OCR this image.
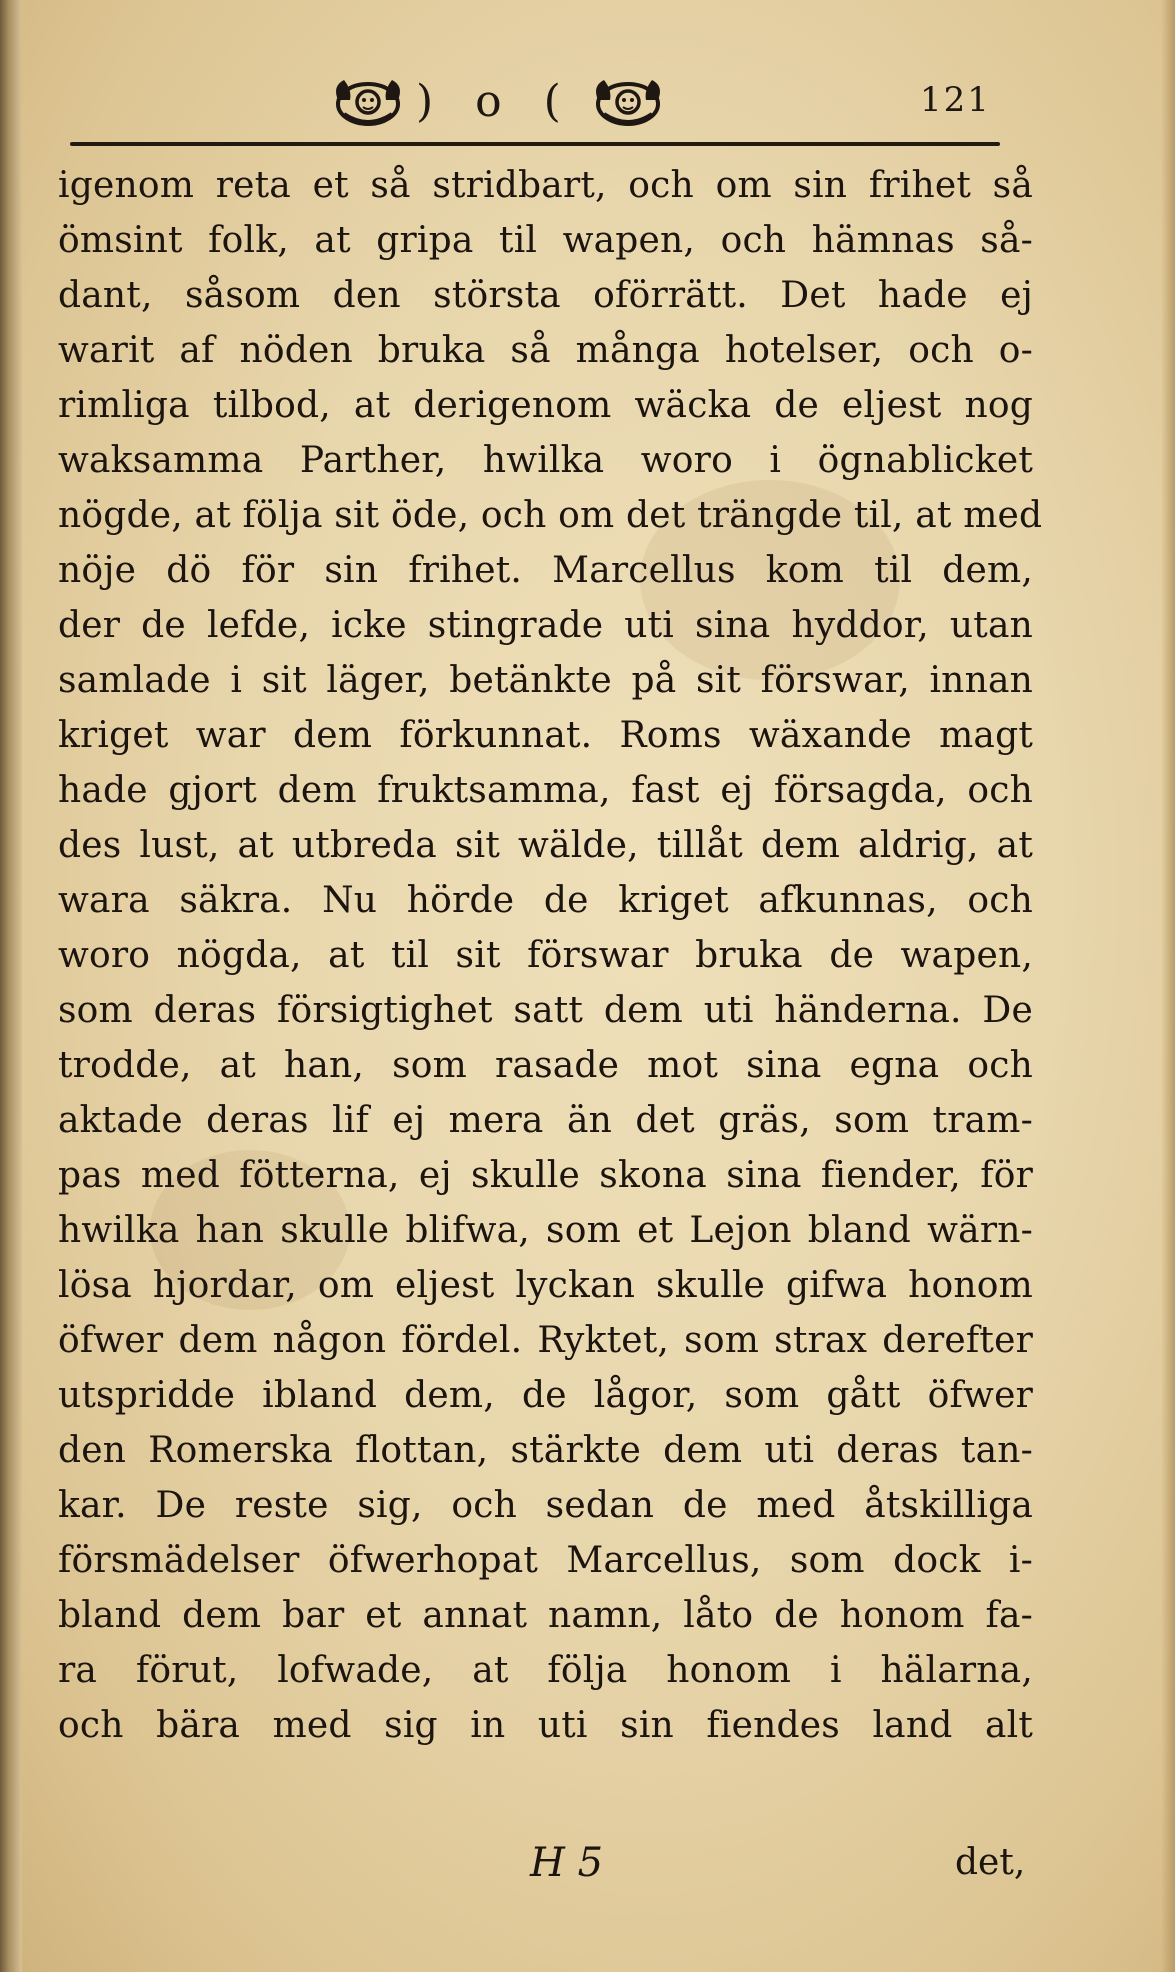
) o (	121
igenom reta et så stridbart, och om sin frihet så
ömsint folk, at gripa til wapen, och hämnas så-
dant, såsom den största oförrätt. Det hade ej
warit af nöden bruka så många hotelser, och o-
rimliga tilbod, at derigenom wäcka de eljest nog
waksamma Parther, hwilka woro i ögnablicket
nögde, at följa sit öde, och om det trängde til, at med
nöje dö för sin frihet. Marcellus kom til dem,
der de lefde, icke stingrade uti sina hyddor, utan
samlade i sit läger, betänkte på sit förswar, innan
kriget war dem förkunnat. Roms wäxande magt
hade gjort dem fruktsamma, fast ej försagda, och
des lust, at utbreda sit wälde, tillåt dem aldrig, at
wara säkra. Nu hörde de kriget afkunnas, och
woro nögda, at til sit förswar bruka de wapen,
som deras försigtighet satt dem uti händerna. De
trodde, at han, som rasade mot sina egna och
aktade deras lif ej mera än det gräs, som tram-
pas med fötterna, ej skulle skona sina fiender, för
hwilka han skulle blifwa, som et Lejon bland wärn-
lösa hjordar, om eljest lyckan skulle gifwa honom
öfwer dem någon fördel. Ryktet, som strax derefter
utspridde ibland dem, de lågor, som gått öfwer
den Romerska flottan, stärkte dem uti deras tan-
kar. De reste sig, och sedan de med åtskilliga
försmädelser öfwerhopat Marcellus, som dock i-
bland dem bar et annat namn, låto de honom fa-
ra förut, lofwade, at följa honom i hälarna,
och bära med sig in uti sin fiendes land alt
H 5	det,
